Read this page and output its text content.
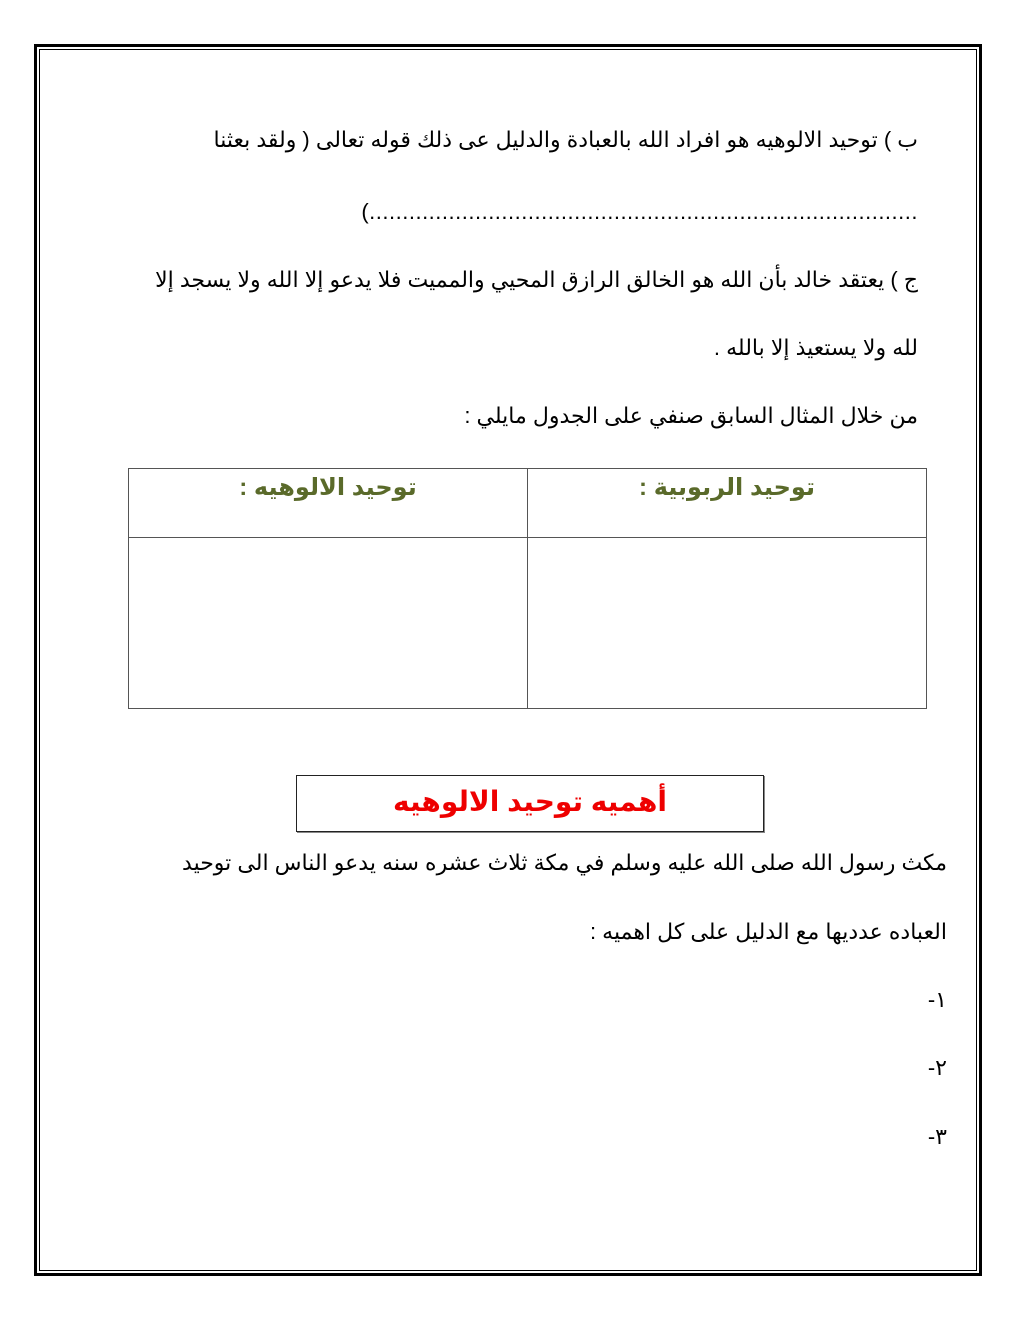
ب ) توحيد الالوهيه هو افراد الله بالعبادة والدليل عى ذلك قوله تعالى ( ولقد بعثنا
...................................................................................)
ج ) يعتقد خالد بأن الله هو الخالق الرازق المحيي والمميت فلا يدعو إلا الله ولا يسجد إلا
لله ولا يستعيذ إلا بالله .
من خلال المثال السابق صنفي على الجدول مايلي :
توحيد الربوبية :	توحيد الالوهيه :

أهميه توحيد الالوهيه
مكث رسول الله صلى الله عليه وسلم في مكة ثلاث عشره سنه يدعو الناس الى توحيد
العباده عدديها مع الدليل على كل اهميه :
١-
٢-
٣-
